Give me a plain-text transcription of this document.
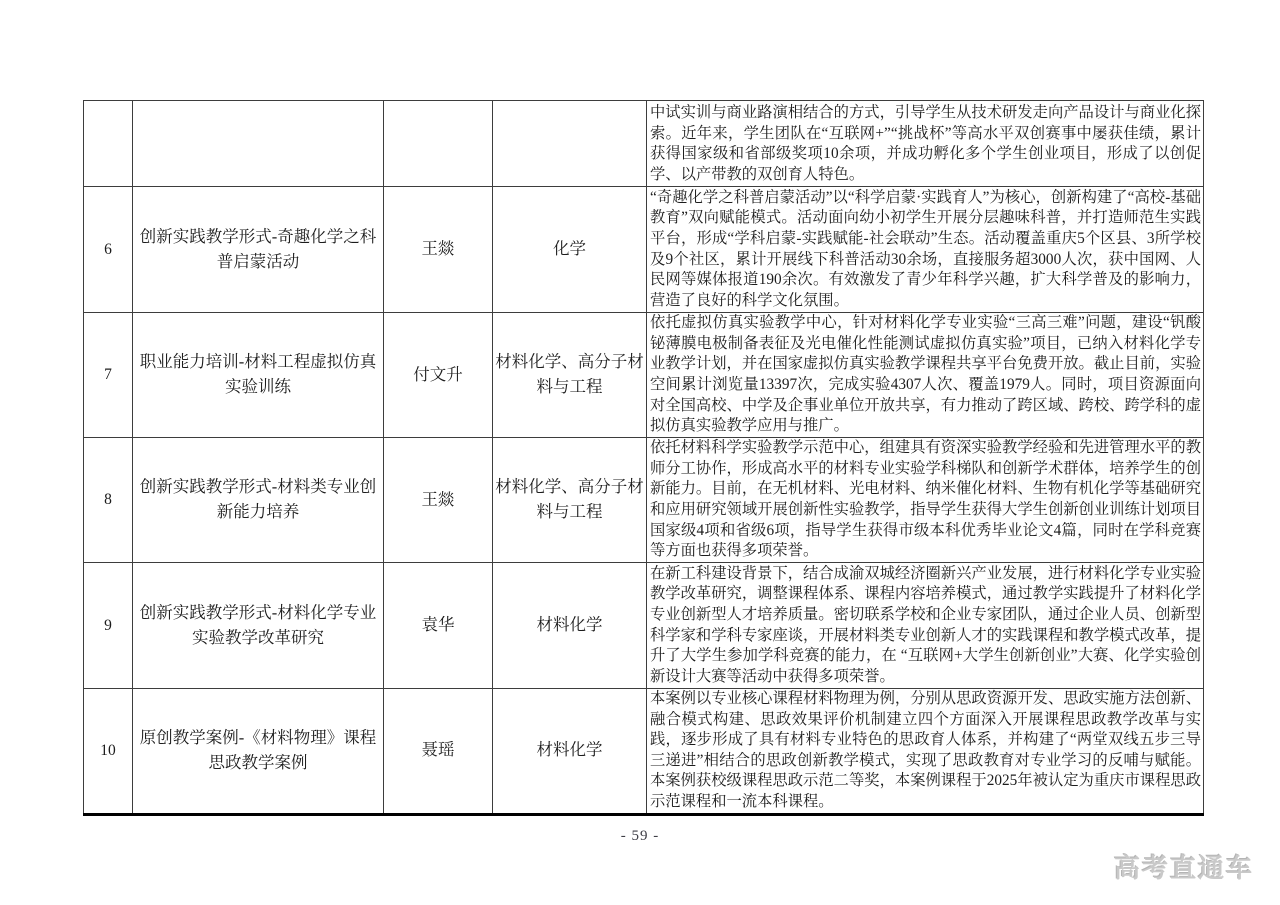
				中试实训与商业路演相结合的方式，引导学生从技术研发走向产品设计与商业化探索。近年来，学生团队在“互联网+”“挑战杯”等高水平双创赛事中屡获佳绩，累计获得国家级和省部级奖项10余项，并成功孵化多个学生创业项目，形成了以创促学、以产带教的双创育人特色。
6	创新实践教学形式-奇趣化学之科普启蒙活动	王燚	化学	“奇趣化学之科普启蒙活动”以“科学启蒙·实践育人”为核心，创新构建了“高校-基础教育”双向赋能模式。活动面向幼小初学生开展分层趣味科普，并打造师范生实践平台，形成“学科启蒙-实践赋能-社会联动”生态。活动覆盖重庆5个区县、3所学校及9个社区，累计开展线下科普活动30余场，直接服务超3000人次，获中国网、人民网等媒体报道190余次。有效激发了青少年科学兴趣，扩大科学普及的影响力，营造了良好的科学文化氛围。
7	职业能力培训-材料工程虚拟仿真实验训练	付文升	材料化学、高分子材料与工程	依托虚拟仿真实验教学中心，针对材料化学专业实验“三高三难”问题，建设“钒酸铋薄膜电极制备表征及光电催化性能测试虚拟仿真实验”项目，已纳入材料化学专业教学计划，并在国家虚拟仿真实验教学课程共享平台免费开放。截止目前，实验空间累计浏览量13397次，完成实验4307人次、覆盖1979人。同时，项目资源面向对全国高校、中学及企事业单位开放共享，有力推动了跨区域、跨校、跨学科的虚拟仿真实验教学应用与推广。
8	创新实践教学形式-材料类专业创新能力培养	王燚	材料化学、高分子材料与工程	依托材料科学实验教学示范中心，组建具有资深实验教学经验和先进管理水平的教师分工协作，形成高水平的材料专业实验学科梯队和创新学术群体，培养学生的创新能力。目前，在无机材料、光电材料、纳米催化材料、生物有机化学等基础研究和应用研究领域开展创新性实验教学，指导学生获得大学生创新创业训练计划项目国家级4项和省级6项，指导学生获得市级本科优秀毕业论文4篇，同时在学科竞赛等方面也获得多项荣誉。
9	创新实践教学形式-材料化学专业实验教学改革研究	袁华	材料化学	在新工科建设背景下，结合成渝双城经济圈新兴产业发展，进行材料化学专业实验教学改革研究，调整课程体系、课程内容培养模式，通过教学实践提升了材料化学专业创新型人才培养质量。密切联系学校和企业专家团队，通过企业人员、创新型科学家和学科专家座谈，开展材料类专业创新人才的实践课程和教学模式改革，提升了大学生参加学科竞赛的能力，在 “互联网+大学生创新创业”大赛、化学实验创新设计大赛等活动中获得多项荣誉。
10	原创教学案例-《材料物理》课程思政教学案例	聂瑶	材料化学	本案例以专业核心课程材料物理为例，分别从思政资源开发、思政实施方法创新、融合模式构建、思政效果评价机制建立四个方面深入开展课程思政教学改革与实践，逐步形成了具有材料专业特色的思政育人体系，并构建了“两堂双线五步三导三递进”相结合的思政创新教学模式，实现了思政教育对专业学习的反哺与赋能。本案例获校级课程思政示范二等奖，本案例课程于2025年被认定为重庆市课程思政示范课程和一流本科课程。
- 59 -
高考直通车
